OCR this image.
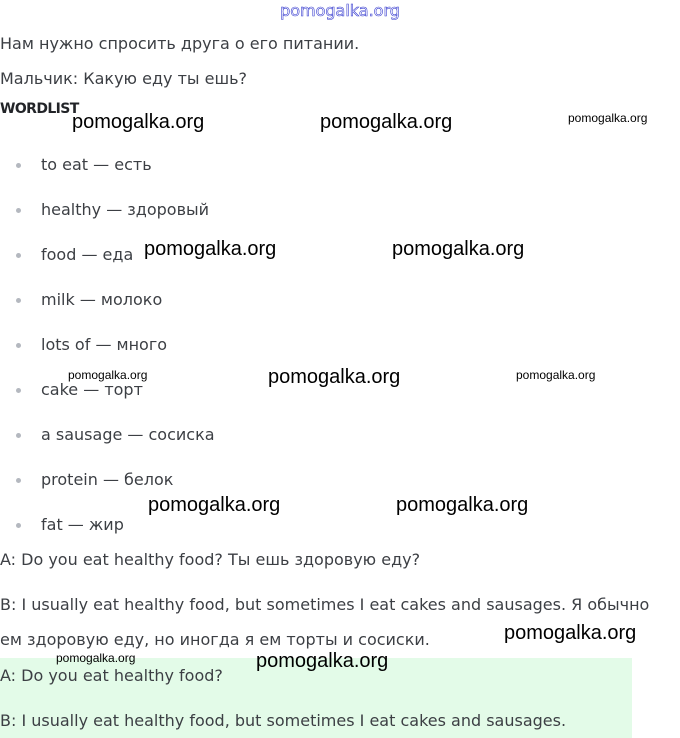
pomogalka.org

Нам нужно спросить друга о его питании.

Мальчик: Какую еду ты ешь?

WORDLIST
to eat — есть
healthy — здоровый
food — еда
milk — молоко
lots of — много
cake — торт
a sausage — сосиска
protein — белок
fat — жир

A: Do you eat healthy food? Ты ешь здоровую еду?

B: I usually eat healthy food, but sometimes I eat cakes and sausages. Я обычно

ем здоровую еду, но иногда я ем торты и сосиски.

A: Do you eat healthy food?

B: I usually eat healthy food, but sometimes I eat cakes and sausages.

pomogalka.org	pomogalka.org	pomogalka.org
pomogalka.org	pomogalka.org
pomogalka.org	pomogalka.org	pomogalka.org
pomogalka.org	pomogalka.org
pomogalka.org
pomogalka.org	pomogalka.org
